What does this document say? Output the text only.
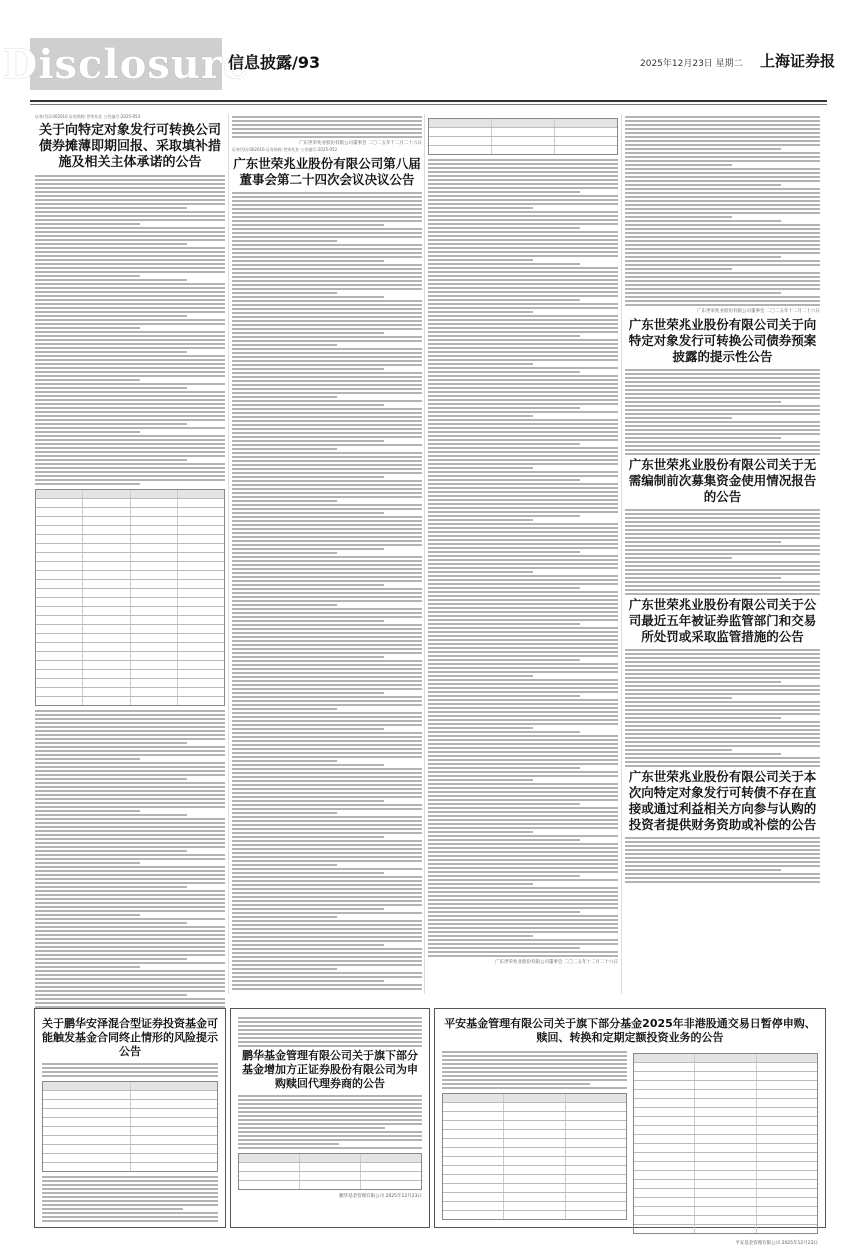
Disclosure
信息披露/93	2025年12月23日 星期二 上海证券报
证券代码:002016 证券简称:世荣兆业 公告编号:2025-054
关于向特定对象发行可转换公司债券摊薄即期回报、采取填补措施及相关主体承诺的公告
广东世荣兆业股份有限公司董事会 二〇二五年十二月二十六日
证券代码:002016 证券简称:世荣兆业 公告编号:2025-052
广东世荣兆业股份有限公司第八届董事会第二十四次会议决议公告
广东世荣兆业股份有限公司董事会 二〇二五年十二月二十六日
广东世荣兆业股份有限公司董事会 二〇二五年十二月二十六日
广东世荣兆业股份有限公司关于向特定对象发行可转换公司债券预案披露的提示性公告
广东世荣兆业股份有限公司关于无需编制前次募集资金使用情况报告的公告
广东世荣兆业股份有限公司关于公司最近五年被证券监管部门和交易所处罚或采取监管措施的公告
广东世荣兆业股份有限公司关于本次向特定对象发行可转债不存在直接或通过利益相关方向参与认购的投资者提供财务资助或补偿的公告
关于鹏华安泽混合型证券投资基金可能触发基金合同终止情形的风险提示公告	鹏华基金管理有限公司关于旗下部分基金增加方正证券股份有限公司为申购赎回代理券商的公告
鹏华基金管理有限公司 2025年12月23日
平安基金管理有限公司关于旗下部分基金2025年非港股通交易日暂停申购、赎回、转换和定期定额投资业务的公告
平安基金管理有限公司 2025年12月23日
